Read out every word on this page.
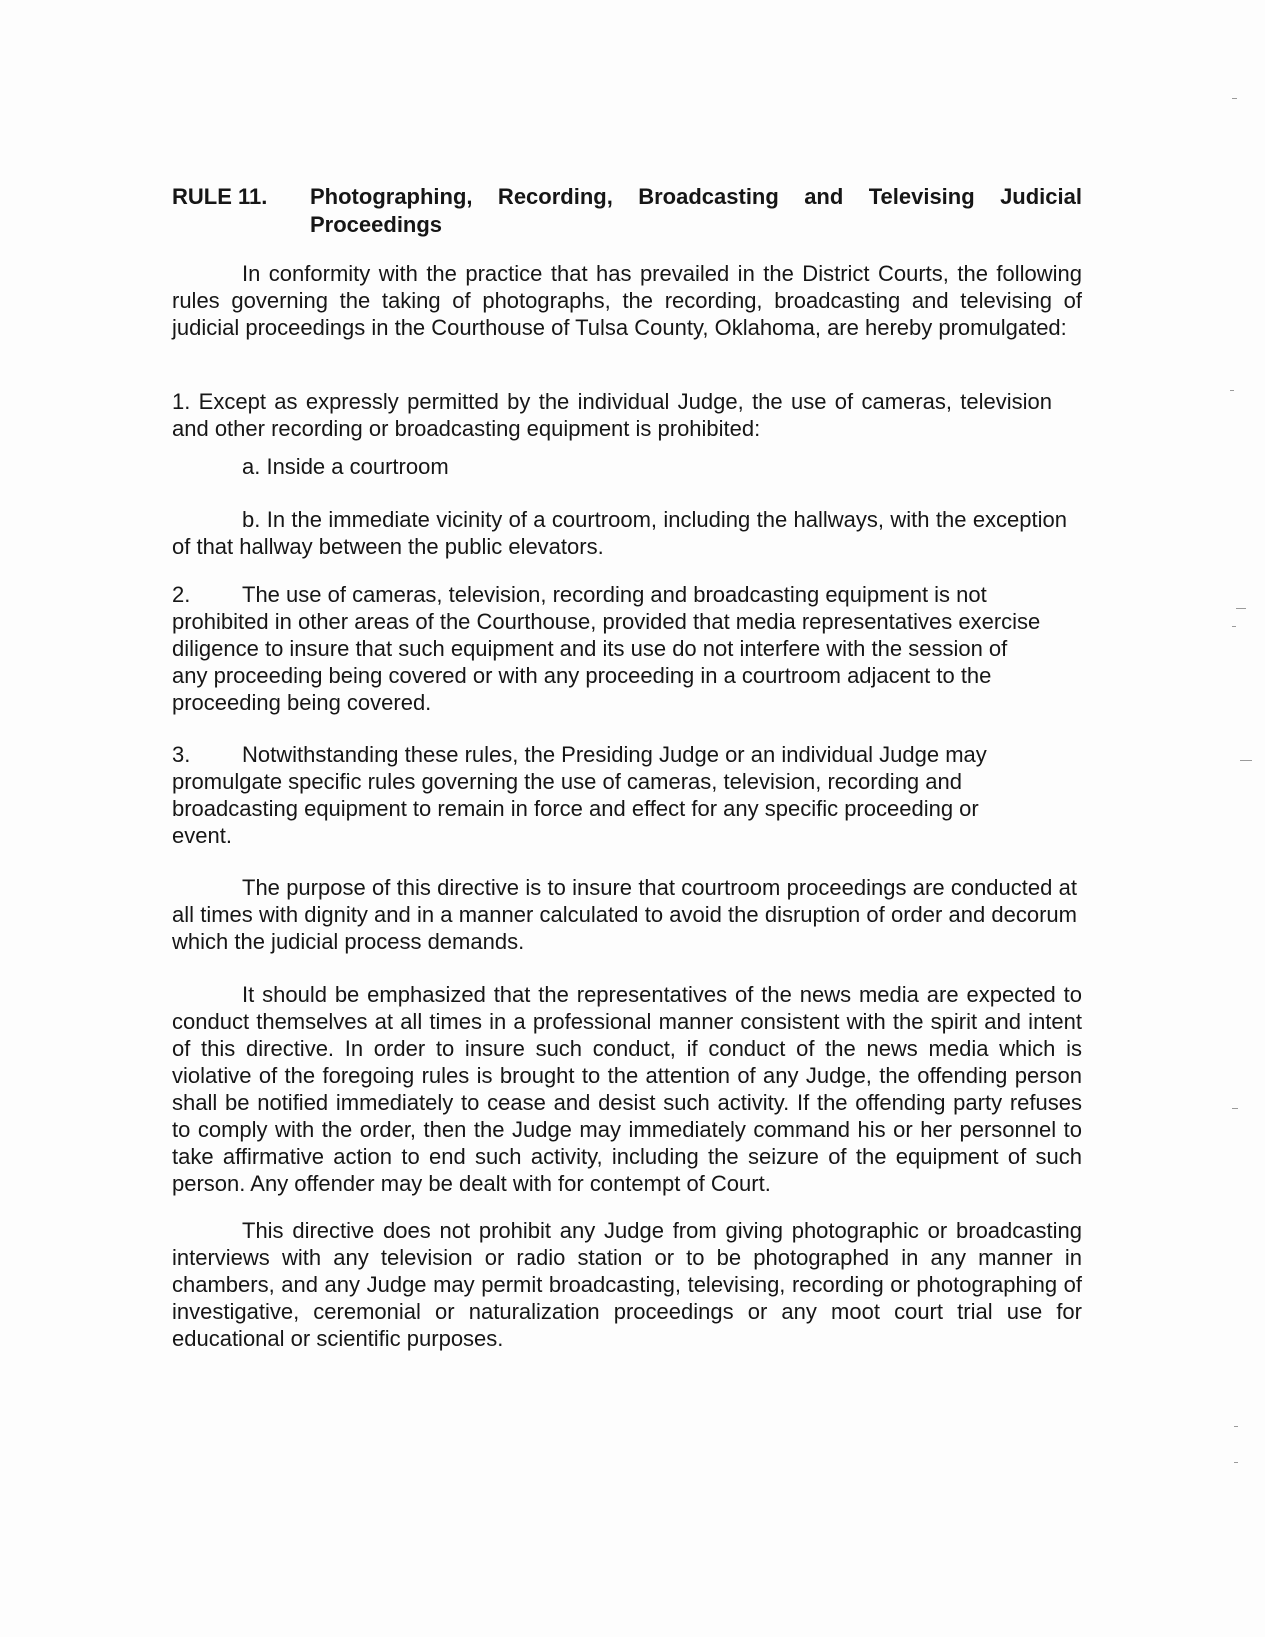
RULE 11.	Photographing, Recording, Broadcasting and Televising Judicial Proceedings

In conformity with the practice that has prevailed in the District Courts, the following rules governing the taking of photographs, the recording, broadcasting and televising of judicial proceedings in the Courthouse of Tulsa County, Oklahoma, are hereby promulgated:

1. Except as expressly permitted by the individual Judge, the use of cameras, television and other recording or broadcasting equipment is prohibited:

a. Inside a courtroom

b. In the immediate vicinity of a courtroom, including the hallways, with the exception of that hallway between the public elevators.

2. The use of cameras, television, recording and broadcasting equipment is not prohibited in other areas of the Courthouse, provided that media representatives exercise diligence to insure that such equipment and its use do not interfere with the session of any proceeding being covered or with any proceeding in a courtroom adjacent to the proceeding being covered.

3. Notwithstanding these rules, the Presiding Judge or an individual Judge may promulgate specific rules governing the use of cameras, television, recording and broadcasting equipment to remain in force and effect for any specific proceeding or event.

The purpose of this directive is to insure that courtroom proceedings are conducted at all times with dignity and in a manner calculated to avoid the disruption of order and decorum which the judicial process demands.

It should be emphasized that the representatives of the news media are expected to conduct themselves at all times in a professional manner consistent with the spirit and intent of this directive. In order to insure such conduct, if conduct of the news media which is violative of the foregoing rules is brought to the attention of any Judge, the offending person shall be notified immediately to cease and desist such activity. If the offending party refuses to comply with the order, then the Judge may immediately command his or her personnel to take affirmative action to end such activity, including the seizure of the equipment of such person. Any offender may be dealt with for contempt of Court.

This directive does not prohibit any Judge from giving photographic or broadcasting interviews with any television or radio station or to be photographed in any manner in chambers, and any Judge may permit broadcasting, televising, recording or photographing of investigative, ceremonial or naturalization proceedings or any moot court trial use for educational or scientific purposes.
